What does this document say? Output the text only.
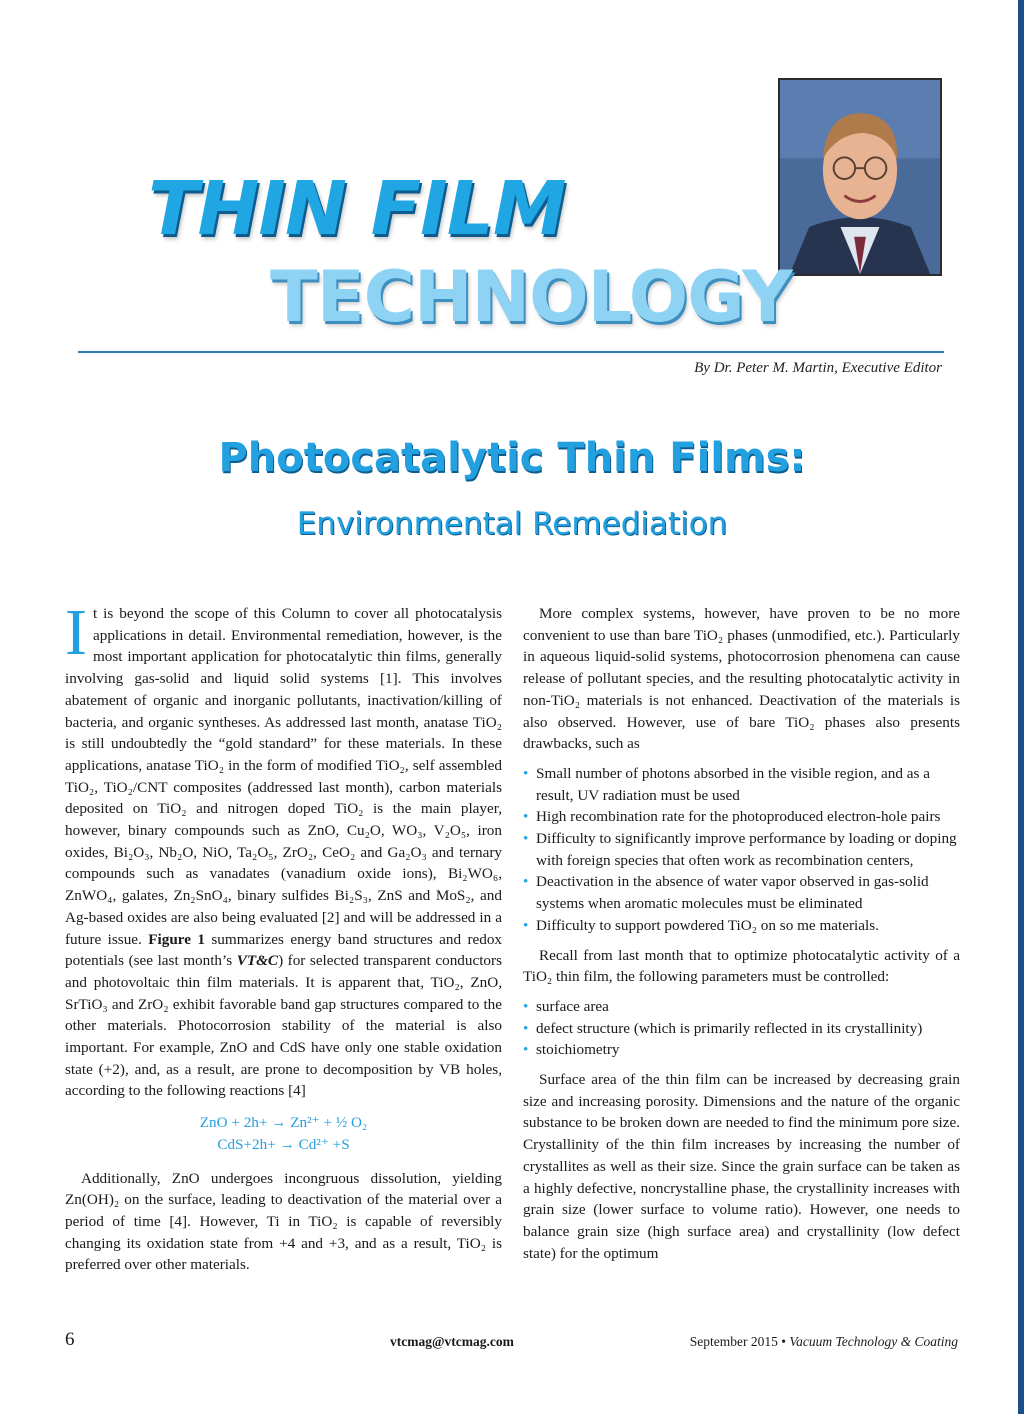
THIN FILM
TECHNOLOGY
By Dr. Peter M. Martin, Executive Editor
Photocatalytic Thin Films:
Environmental Remediation

It is beyond the scope of this Column to cover all photocatalysis applications in detail. Environmental remediation, however, is the most important application for photocatalytic thin films, generally involving gas-solid and liquid solid systems [1]. This involves abatement of organic and inorganic pollutants, inactivation/killing of bacteria, and organic syntheses. As addressed last month, anatase TiO₂ is still undoubtedly the “gold standard” for these materials. In these applications, anatase TiO₂ in the form of modified TiO₂, self assembled TiO₂, TiO₂/CNT composites (addressed last month), carbon materials deposited on TiO₂ and nitrogen doped TiO₂ is the main player, however, binary compounds such as ZnO, Cu₂O, WO₃, V₂O₅, iron oxides, Bi₂O₃, Nb₂O, NiO, Ta₂O₅, ZrO₂, CeO₂ and Ga₂O₃ and ternary compounds such as vanadates (vanadium oxide ions), Bi₂WO₆, ZnWO₄, galates, Zn₂SnO₄, binary sulfides Bi₂S₃, ZnS and MoS₂, and Ag-based oxides are also being evaluated [2] and will be addressed in a future issue. Figure 1 summarizes energy band structures and redox potentials (see last month’s VT&C) for selected transparent conductors and photovoltaic thin film materials. It is apparent that, TiO₂, ZnO, SrTiO₃ and ZrO₂ exhibit favorable band gap structures compared to the other materials. Photocorrosion stability of the material is also important. For example, ZnO and CdS have only one stable oxidation state (+2), and, as a result, are prone to decomposition by VB holes, according to the following reactions [4]

ZnO + 2h+ → Zn²⁺ + ½ O₂
CdS+2h+ → Cd²⁺ +S

Additionally, ZnO undergoes incongruous dissolution, yielding Zn(OH)₂ on the surface, leading to deactivation of the material over a period of time [4]. However, Ti in TiO₂ is capable of reversibly changing its oxidation state from +4 and +3, and as a result, TiO₂ is preferred over other materials.

More complex systems, however, have proven to be no more convenient to use than bare TiO₂ phases (unmodified, etc.). Particularly in aqueous liquid-solid systems, photocorrosion phenomena can cause release of pollutant species, and the resulting photocatalytic activity in non-TiO₂ materials is not enhanced. Deactivation of the materials is also observed. However, use of bare TiO₂ phases also presents drawbacks, such as

• Small number of photons absorbed in the visible region, and as a result, UV radiation must be used
• High recombination rate for the photoproduced electron-hole pairs
• Difficulty to significantly improve performance by loading or doping with foreign species that often work as recombination centers,
• Deactivation in the absence of water vapor observed in gas-solid systems when aromatic molecules must be eliminated
• Difficulty to support powdered TiO₂ on so me materials.

Recall from last month that to optimize photocatalytic activity of a TiO₂ thin film, the following parameters must be controlled:

• surface area
• defect structure (which is primarily reflected in its crystallinity)
• stoichiometry

Surface area of the thin film can be increased by decreasing grain size and increasing porosity. Dimensions and the nature of the organic substance to be broken down are needed to find the minimum pore size. Crystallinity of the thin film increases by increasing the number of crystallites as well as their size. Since the grain surface can be taken as a highly defective, noncrystalline phase, the crystallinity increases with grain size (lower surface to volume ratio). However, one needs to balance grain size (high surface area) and crystallinity (low defect state) for the optimum

6	vtcmag@vtcmag.com	September 2015 • Vacuum Technology & Coating
